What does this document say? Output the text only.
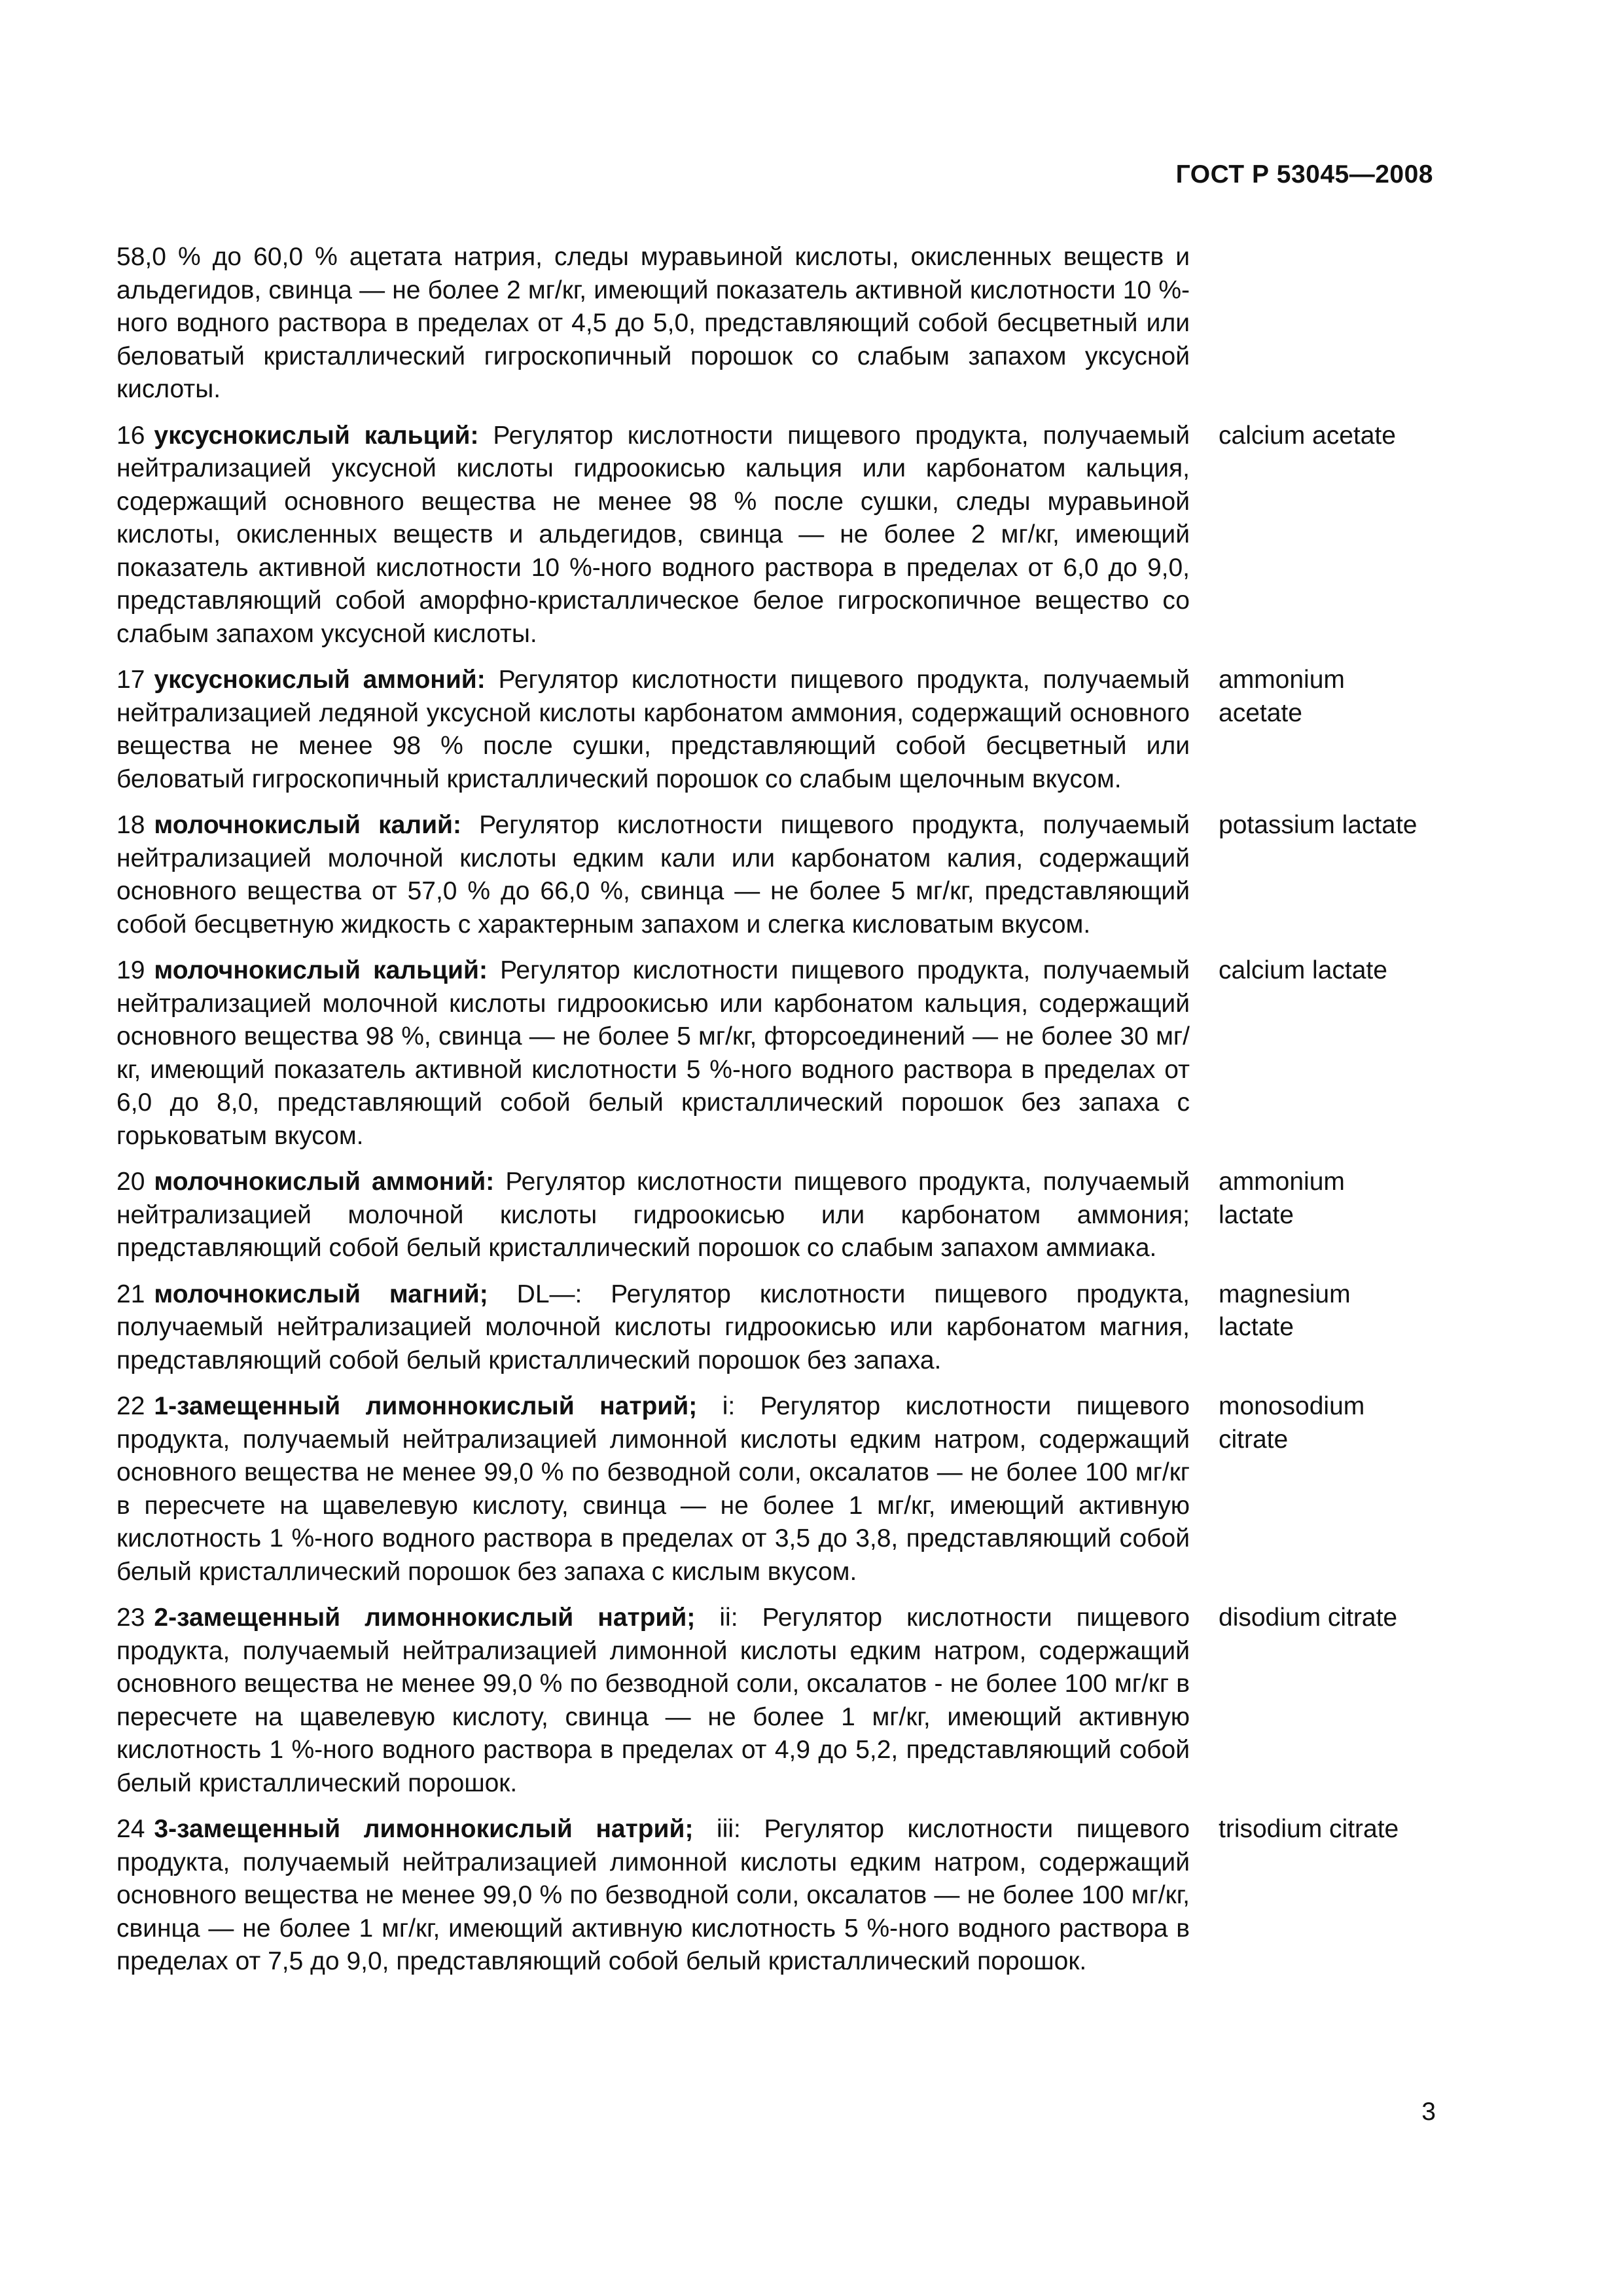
ГОСТ Р 53045—2008
58,0 % до 60,0 % ацетата натрия, следы муравьиной кислоты, окисленных веществ и альдегидов, свинца — не более 2 мг/кг, имеющий показатель активной кислотности 10 %-ного водного раствора в пределах от 4,5 до 5,0, представляющий собой бесцветный или беловатый кристаллический гигроскопичный порошок со слабым запахом уксусной кислоты.
16 уксуснокислый кальций: Регулятор кислотности пищевого продукта, получаемый нейтрализацией уксусной кислоты гидроокисью кальция или карбонатом кальция, содержащий основного вещества не менее 98 % после сушки, следы муравьиной кислоты, окисленных веществ и альдегидов, свинца — не более 2 мг/кг, имеющий показатель активной кислотности 10 %-ного водного раствора в пределах от 6,0 до 9,0, представляющий собой аморфно-кристаллическое белое гигроскопичное вещество со слабым запахом уксусной кислоты.
calcium acetate
17 уксуснокислый аммоний: Регулятор кислотности пищевого продукта, получаемый нейтрализацией ледяной уксусной кислоты карбонатом аммония, содержащий основного вещества не менее 98 % после сушки, представляющий собой бесцветный или беловатый гигроскопичный кристаллический порошок со слабым щелочным вкусом.
ammonium
acetate
18 молочнокислый калий: Регулятор кислотности пищевого продукта, получаемый нейтрализацией молочной кислоты едким кали или карбонатом калия, содержащий основного вещества от 57,0 % до 66,0 %, свинца — не более 5 мг/кг, представляющий собой бесцветную жидкость с характерным запахом и слегка кисловатым вкусом.
potassium lactate
19 молочнокислый кальций: Регулятор кислотности пищевого продукта, получаемый нейтрализацией молочной кислоты гидроокисью или карбонатом кальция, содержащий основного вещества 98 %, свинца — не более 5 мг/кг, фторсоединений — не более 30 мг/кг, имеющий показатель активной кислотности 5 %-ного водного раствора в пределах от 6,0 до 8,0, представляющий собой белый кристаллический порошок без запаха с горьковатым вкусом.
calcium lactate
20 молочнокислый аммоний: Регулятор кислотности пищевого продукта, получаемый нейтрализацией молочной кислоты гидроокисью или карбонатом аммония; представляющий собой белый кристаллический порошок со слабым запахом аммиака.
ammonium
lactate
21 молочнокислый магний; DL—: Регулятор кислотности пищевого продукта, получаемый нейтрализацией молочной кислоты гидроокисью или карбонатом магния, представляющий собой белый кристаллический порошок без запаха.
magnesium
lactate
22 1-замещенный лимоннокислый натрий; i: Регулятор кислотности пищевого продукта, получаемый нейтрализацией лимонной кислоты едким натром, содержащий основного вещества не менее 99,0 % по безводной соли, оксалатов — не более 100 мг/кг в пересчете на щавелевую кислоту, свинца — не более 1 мг/кг, имеющий активную кислотность 1 %-ного водного раствора в пределах от 3,5 до 3,8, представляющий собой белый кристаллический порошок без запаха с кислым вкусом.
monosodium
citrate
23 2-замещенный лимоннокислый натрий; ii: Регулятор кислотности пищевого продукта, получаемый нейтрализацией лимонной кислоты едким натром, содержащий основного вещества не менее 99,0 % по безводной соли, оксалатов - не более 100 мг/кг в пересчете на щавелевую кислоту, свинца — не более 1 мг/кг, имеющий активную кислотность 1 %-ного водного раствора в пределах от 4,9 до 5,2, представляющий собой белый кристаллический порошок.
disodium citrate
24 3-замещенный лимоннокислый натрий; iii: Регулятор кислотности пищевого продукта, получаемый нейтрализацией лимонной кислоты едким натром, содержащий основного вещества не менее 99,0 % по безводной соли, оксалатов — не более 100 мг/кг, свинца — не более 1 мг/кг, имеющий активную кислотность 5 %-ного водного раствора в пределах от 7,5 до 9,0, представляющий собой белый кристаллический порошок.
trisodium citrate
3
